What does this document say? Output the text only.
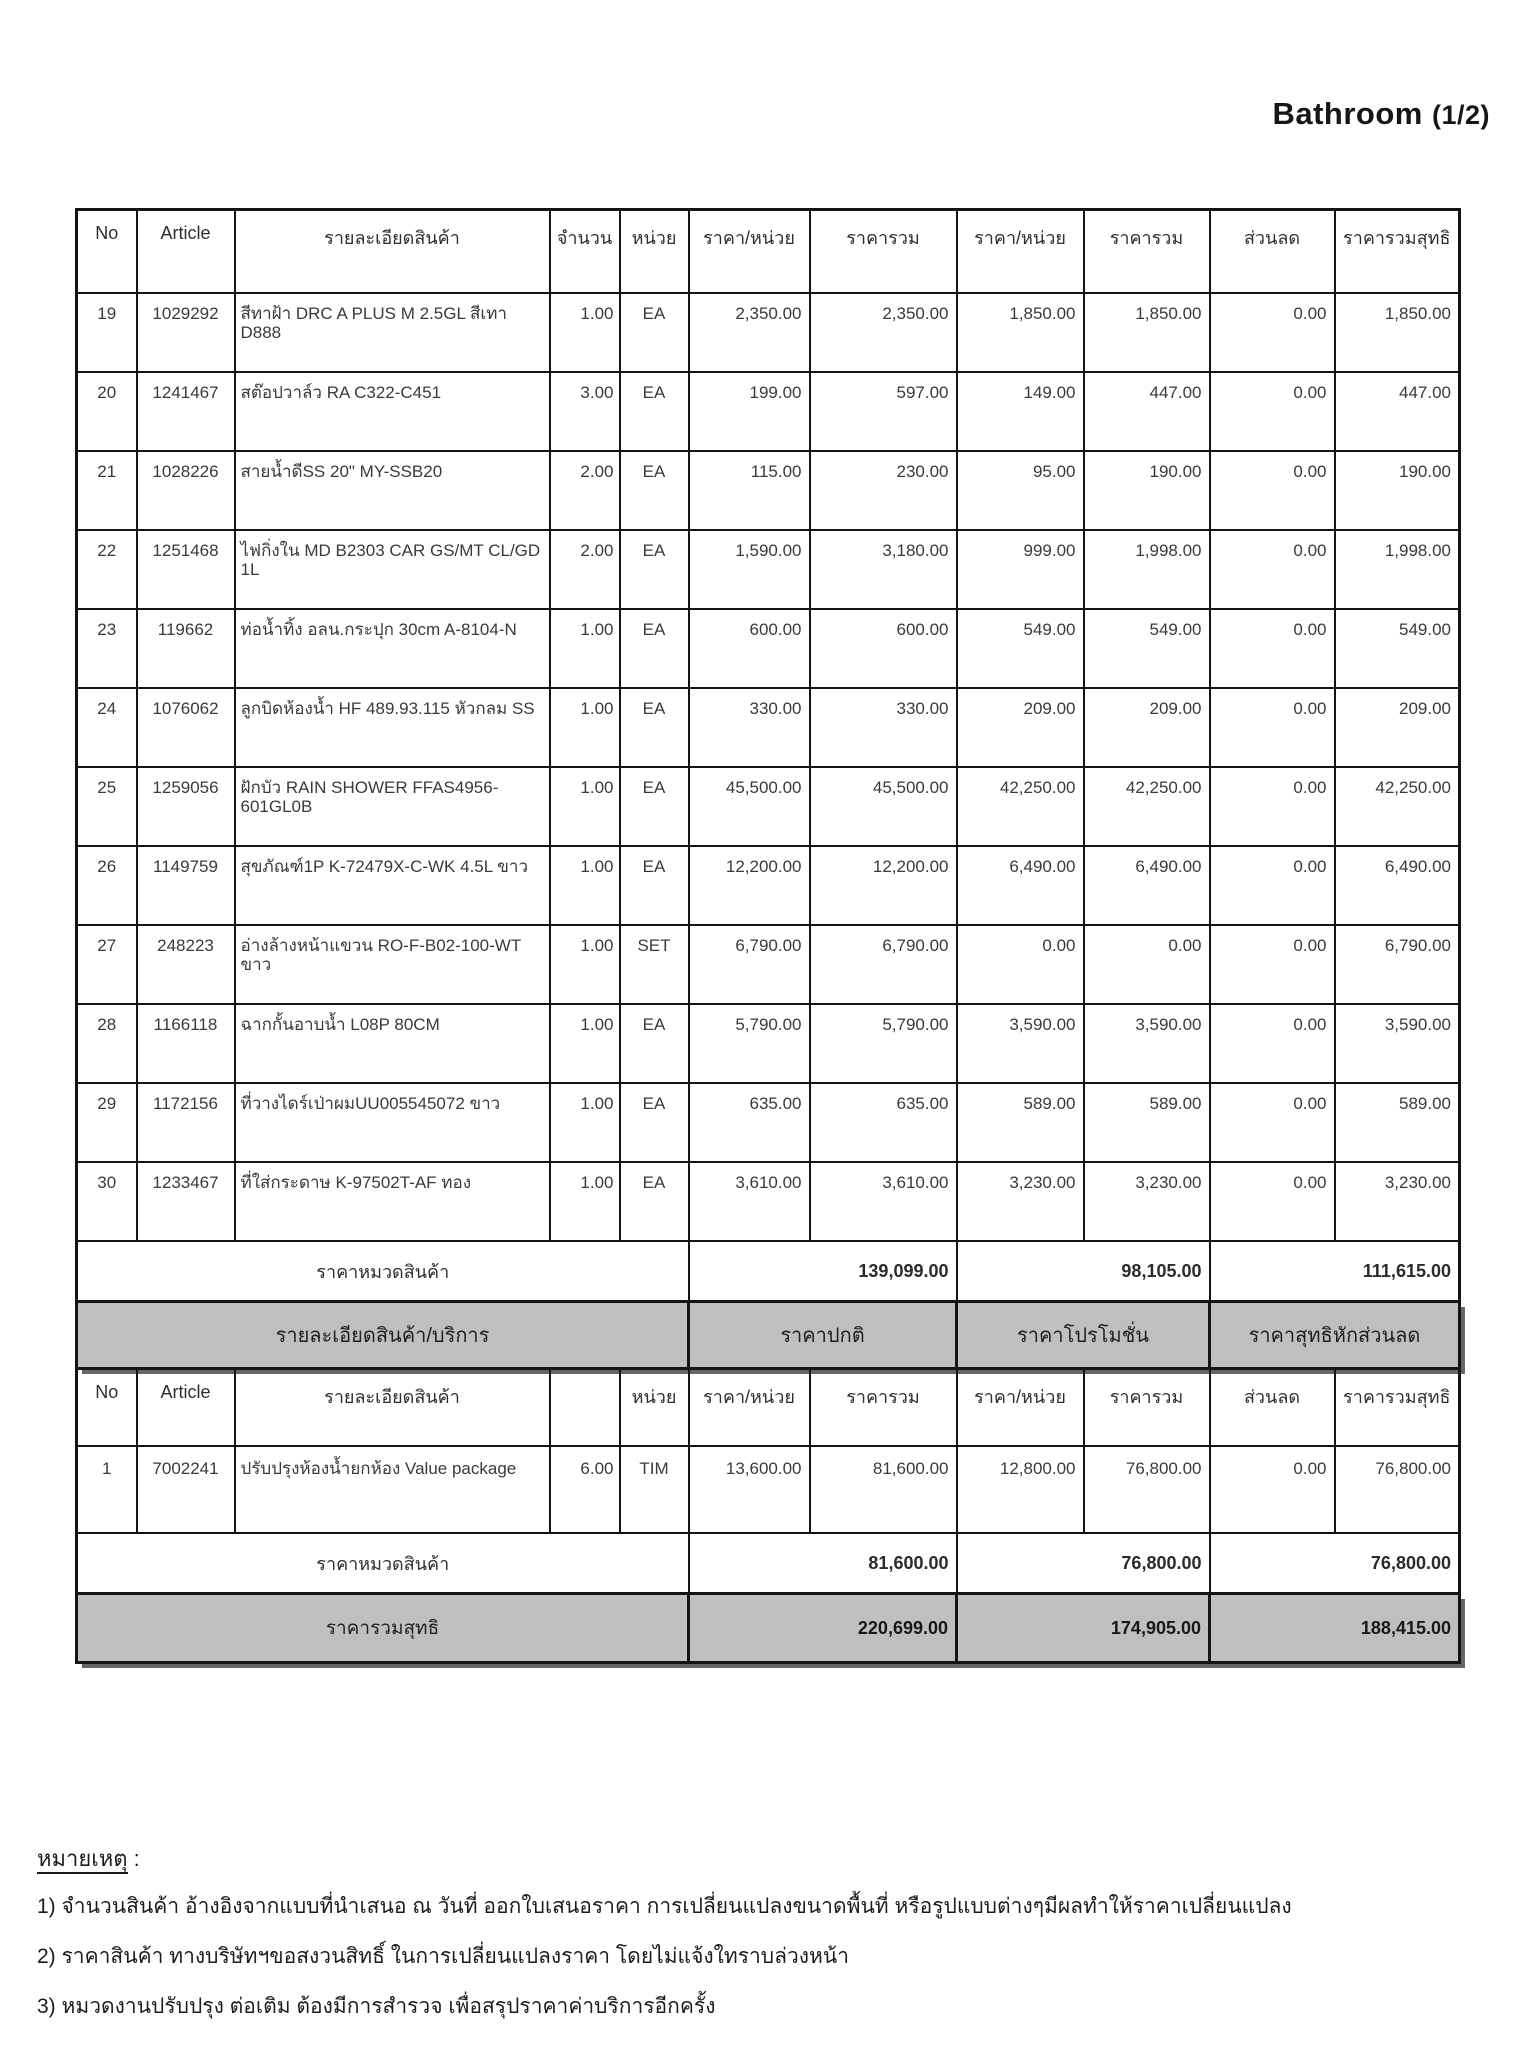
Bathroom (1/2)
No	Article	รายละเอียดสินค้า	จำนวน	หน่วย	ราคา/หน่วย	ราคารวม	ราคา/หน่วย	ราคารวม	ส่วนลด	ราคารวมสุทธิ
19	1029292	สีทาฝ้า DRC A PLUS M 2.5GL สีเทา D888	1.00	EA	2,350.00	2,350.00	1,850.00	1,850.00	0.00	1,850.00
20	1241467	สต๊อปวาล์ว RA C322-C451	3.00	EA	199.00	597.00	149.00	447.00	0.00	447.00
21	1028226	สายน้ำดีSS 20" MY-SSB20	2.00	EA	115.00	230.00	95.00	190.00	0.00	190.00
22	1251468	ไฟกิ่งใน MD B2303 CAR GS/MT CL/GD 1L	2.00	EA	1,590.00	3,180.00	999.00	1,998.00	0.00	1,998.00
23	119662	ท่อน้ำทิ้ง อลน.กระปุก 30cm A-8104-N	1.00	EA	600.00	600.00	549.00	549.00	0.00	549.00
24	1076062	ลูกบิดห้องน้ำ HF 489.93.115 หัวกลม SS	1.00	EA	330.00	330.00	209.00	209.00	0.00	209.00
25	1259056	ฝักบัว RAIN SHOWER FFAS4956-601GL0B	1.00	EA	45,500.00	45,500.00	42,250.00	42,250.00	0.00	42,250.00
26	1149759	สุขภัณฑ์1P K-72479X-C-WK 4.5L ขาว	1.00	EA	12,200.00	12,200.00	6,490.00	6,490.00	0.00	6,490.00
27	248223	อ่างล้างหน้าแขวน RO-F-B02-100-WT ขาว	1.00	SET	6,790.00	6,790.00	0.00	0.00	0.00	6,790.00
28	1166118	ฉากกั้นอาบน้ำ L08P 80CM	1.00	EA	5,790.00	5,790.00	3,590.00	3,590.00	0.00	3,590.00
29	1172156	ที่วางไดร์เป่าผมUU005545072 ขาว	1.00	EA	635.00	635.00	589.00	589.00	0.00	589.00
30	1233467	ที่ใส่กระดาษ K-97502T-AF ทอง	1.00	EA	3,610.00	3,610.00	3,230.00	3,230.00	0.00	3,230.00
ราคาหมวดสินค้า					139,099.00		98,105.00		111,615.00	
รายละเอียดสินค้า/บริการ					ราคาปกติ		ราคาโปรโมชั่น		ราคาสุทธิหักส่วนลด	
No	Article	รายละเอียดสินค้า		หน่วย	ราคา/หน่วย	ราคารวม	ราคา/หน่วย	ราคารวม	ส่วนลด	ราคารวมสุทธิ
1	7002241	ปรับปรุงห้องน้ำยกห้อง Value package	6.00	TIM	13,600.00	81,600.00	12,800.00	76,800.00	0.00	76,800.00
ราคาหมวดสินค้า					81,600.00		76,800.00		76,800.00	
ราคารวมสุทธิ					220,699.00		174,905.00		188,415.00	
หมายเหตุ :
1) จำนวนสินค้า อ้างอิงจากแบบที่นำเสนอ ณ วันที่ ออกใบเสนอราคา การเปลี่ยนแปลงขนาดพื้นที่ หรือรูปแบบต่างๆมีผลทำให้ราคาเปลี่ยนแปลง
2) ราคาสินค้า ทางบริษัทฯขอสงวนสิทธิ์ ในการเปลี่ยนแปลงราคา โดยไม่แจ้งใทราบล่วงหน้า
3) หมวดงานปรับปรุง ต่อเติม ต้องมีการสำรวจ เพื่อสรุปราคาค่าบริการอีกครั้ง
